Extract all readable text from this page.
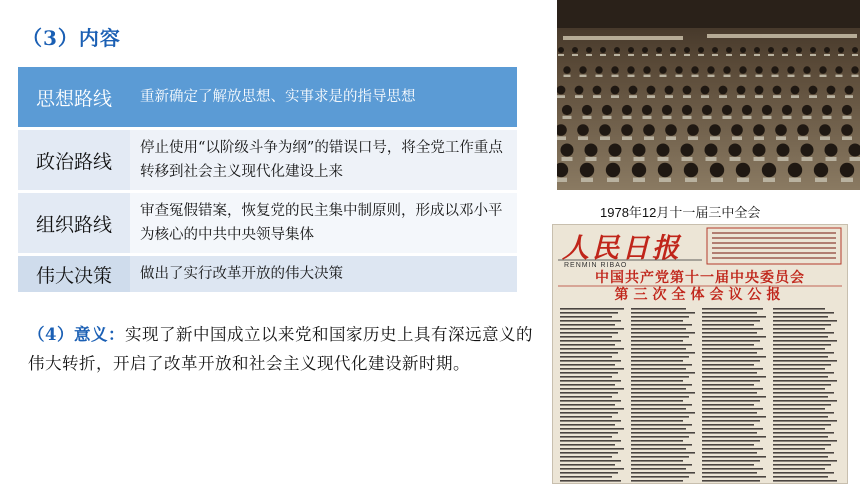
（3）内容
思想路线	重新确定了解放思想、实事求是的指导思想
政治路线
停止使用“以阶级斗争为纲”的错误口号，将全党工作重点转移到社会主义现代化建设上来
组织路线
审查冤假错案，恢复党的民主集中制原则，形成以邓小平为核心的中共中央领导集体
伟大决策	做出了实行改革开放的伟大决策
（4）意义：实现了新中国成立以来党和国家历史上具有深远意义的伟大转折，开启了改革开放和社会主义现代化建设新时期。
1978年12月十一届三中全会
人民日报
RENMIN RIBAO
中国共产党第十一届中央委员会
第三次全体会议公报
